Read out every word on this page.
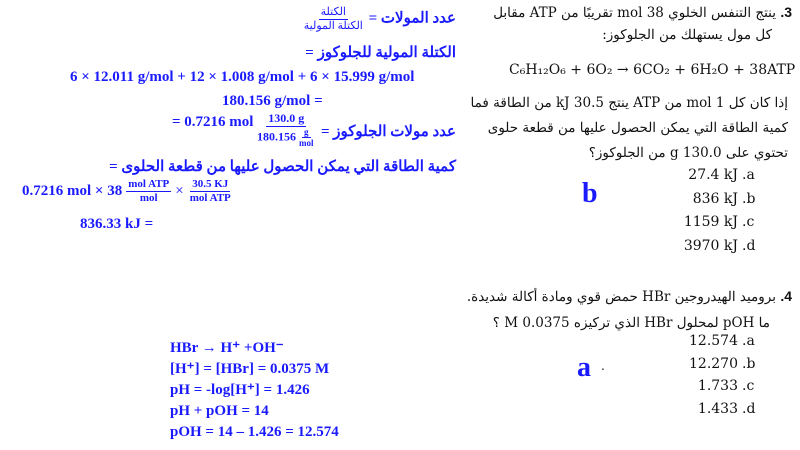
3. ينتج التنفس الخلوي 38 mol تقريبًا من ATP مقابل
كل مول يستهلك من الجلوكوز:
C₆H₁₂O₆ + 6O₂ → 6CO₂ + 6H₂O + 38ATP
إذا كان كل 1 mol من ATP ينتج 30.5 kJ من الطاقة فما
كمية الطاقة التي يمكن الحصول عليها من قطعة حلوى
تحتوي على 130.0 g من الجلوكوز؟
27.4 kJ .a
836 kJ .b
1159 kJ .c
3970 kJ .d
b
4. بروميد الهيدروجين HBr حمض قوي ومادة أكالة شديدة.
ما pOH لمحلول HBr الذي تركيزه 0.0375 M ؟
12.574 .a
12.270 .b
1.733 .c
1.433 .d
a .
عدد المولات =
$\frac{\text{الكتلة}}{\text{الكتلة المولية}}$
الكتلة المولية للجلوكوز =
6 × 12.011 g/mol + 12 × 1.008 g/mol + 6 × 15.999 g/mol
180.156 g/mol =
= 0.7216 mol $\frac{130.0 g}{180.156 \frac{g}{\text{mol}}}$ عدد مولات الجلوكوز =
كمية الطاقة التي يمكن الحصول عليها من قطعة الحلوى =
0.7216 mol × $38 \frac{\text{mol ATP}}{\text{mol}} \times \frac{30.5 KJ}{\text{mol ATP}}$
836.33 kJ =
HBr → H⁺ +OH⁻
[H⁺] = [HBr] = 0.0375 M
pH = -log[H⁺] = 1.426
pH + pOH = 14
pOH = 14 – 1.426 = 12.574
